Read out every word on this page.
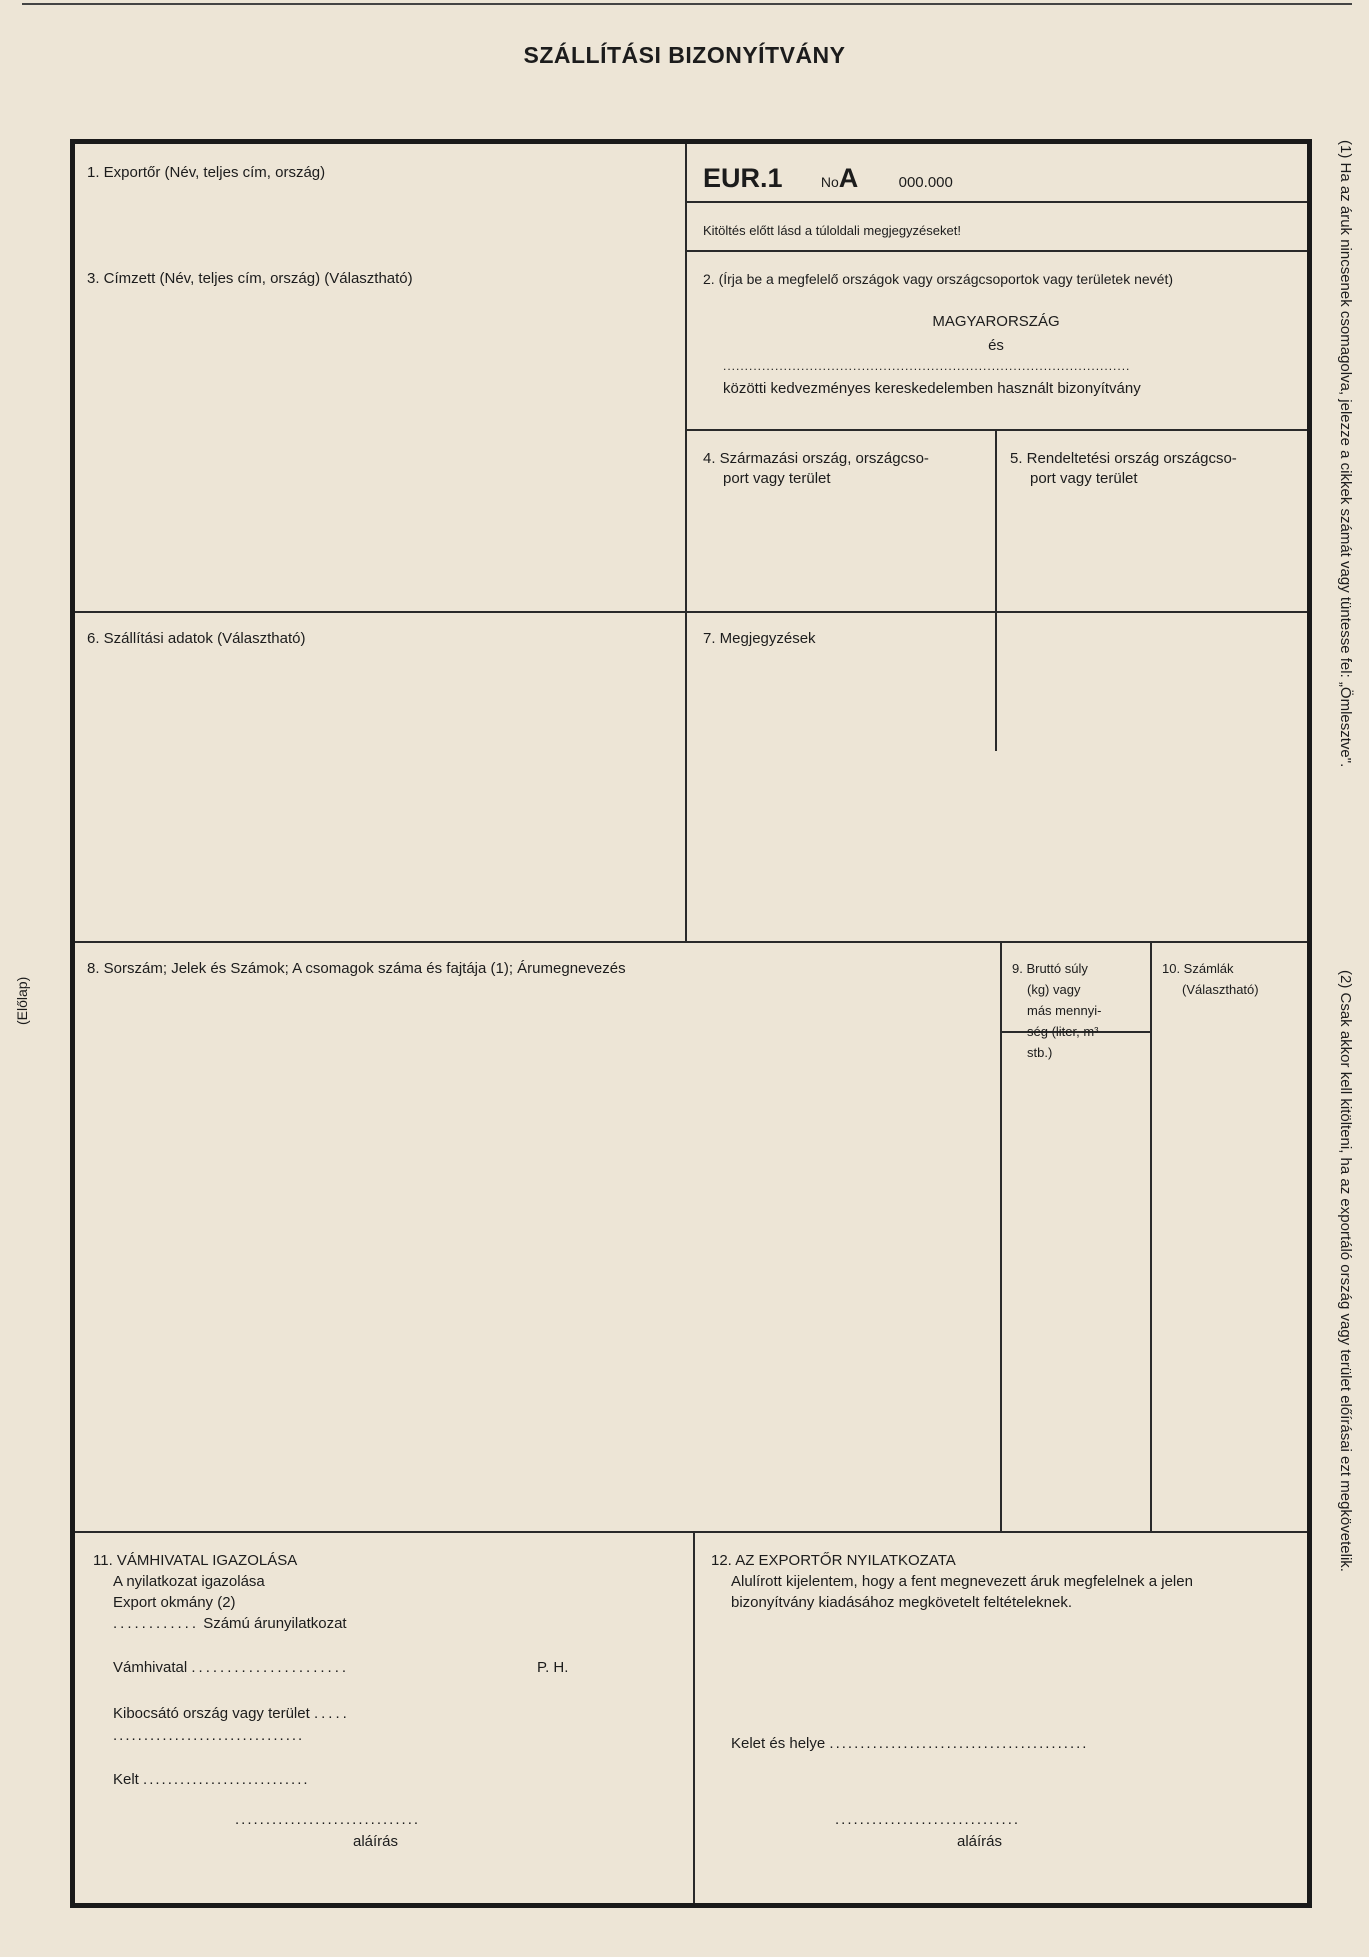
SZÁLLÍTÁSI BIZONYÍTVÁNY
(1) Ha az áruk nincsenek csomagolva, jelezze a cikkek számát vagy tüntesse fel: „Ömlesztve".
(2) Csak akkor kell kitölteni, ha az exportáló ország vagy terület előírásai ezt megkövetelik.
(Előlap)
1. Exportőr (Név, teljes cím, ország)	EUR.1	NoA	000.000
Kitöltés előtt lásd a túloldali megjegyzéseket!
3. Címzett (Név, teljes cím, ország) (Választható)	2. (Írja be a megfelelő országok vagy országcsoportok vagy területek nevét)
MAGYARORSZÁG
és
..............................................................................................
közötti kedvezményes kereskedelemben használt bizonyítvány
4. Származási ország, országcso-
port vagy terület
5. Rendeltetési ország országcso-
port vagy terület
6. Szállítási adatok (Választható)	7. Megjegyzések
8. Sorszám; Jelek és Számok; A csomagok száma és fajtája (1); Árumegnevezés	9. Bruttó súly
(kg) vagy
más mennyi-
ség (liter, m³
stb.)
10. Számlák
(Választható)
11. VÁMHIVATAL IGAZOLÁSA
A nyilatkozat igazolása
Export okmány (2)
............ Számú árunyilatkozat
Vámhivatal ......................	P. H.
Kibocsátó ország vagy terület .....
...............................
Kelt ...........................
..............................
aláírás
12. AZ EXPORTŐR NYILATKOZATA
Alulírott kijelentem, hogy a fent megnevezett áruk megfelelnek a jelen
bizonyítvány kiadásához megkövetelt feltételeknek.
Kelet és helye ..........................................
..............................
aláírás
